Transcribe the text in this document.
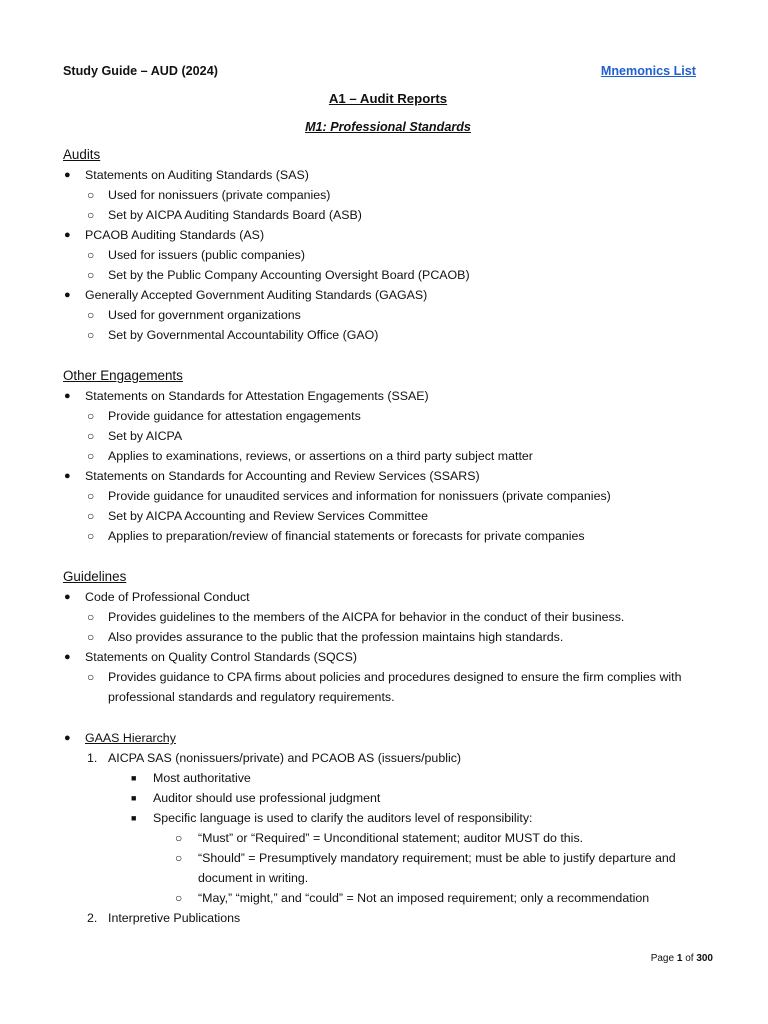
Study Guide – AUD (2024)	Mnemonics List
A1 – Audit Reports
M1: Professional Standards
Audits
● Statements on Auditing Standards (SAS)
○ Used for nonissuers (private companies)
○ Set by AICPA Auditing Standards Board (ASB)
● PCAOB Auditing Standards (AS)
○ Used for issuers (public companies)
○ Set by the Public Company Accounting Oversight Board (PCAOB)
● Generally Accepted Government Auditing Standards (GAGAS)
○ Used for government organizations
○ Set by Governmental Accountability Office (GAO)
Other Engagements
● Statements on Standards for Attestation Engagements (SSAE)
○ Provide guidance for attestation engagements
○ Set by AICPA
○ Applies to examinations, reviews, or assertions on a third party subject matter
● Statements on Standards for Accounting and Review Services (SSARS)
○ Provide guidance for unaudited services and information for nonissuers (private companies)
○ Set by AICPA Accounting and Review Services Committee
○ Applies to preparation/review of financial statements or forecasts for private companies
Guidelines
● Code of Professional Conduct
○ Provides guidelines to the members of the AICPA for behavior in the conduct of their business.
○ Also provides assurance to the public that the profession maintains high standards.
● Statements on Quality Control Standards (SQCS)
○ Provides guidance to CPA firms about policies and procedures designed to ensure the firm complies with professional standards and regulatory requirements.
● GAAS Hierarchy
1. AICPA SAS (nonissuers/private) and PCAOB AS (issuers/public)
■ Most authoritative
■ Auditor should use professional judgment
■ Specific language is used to clarify the auditors level of responsibility:
○ “Must” or “Required” = Unconditional statement; auditor MUST do this.
○ “Should” = Presumptively mandatory requirement; must be able to justify departure and document in writing.
○ “May,” “might,” and “could” = Not an imposed requirement; only a recommendation
2. Interpretive Publications
Page 1 of 300
